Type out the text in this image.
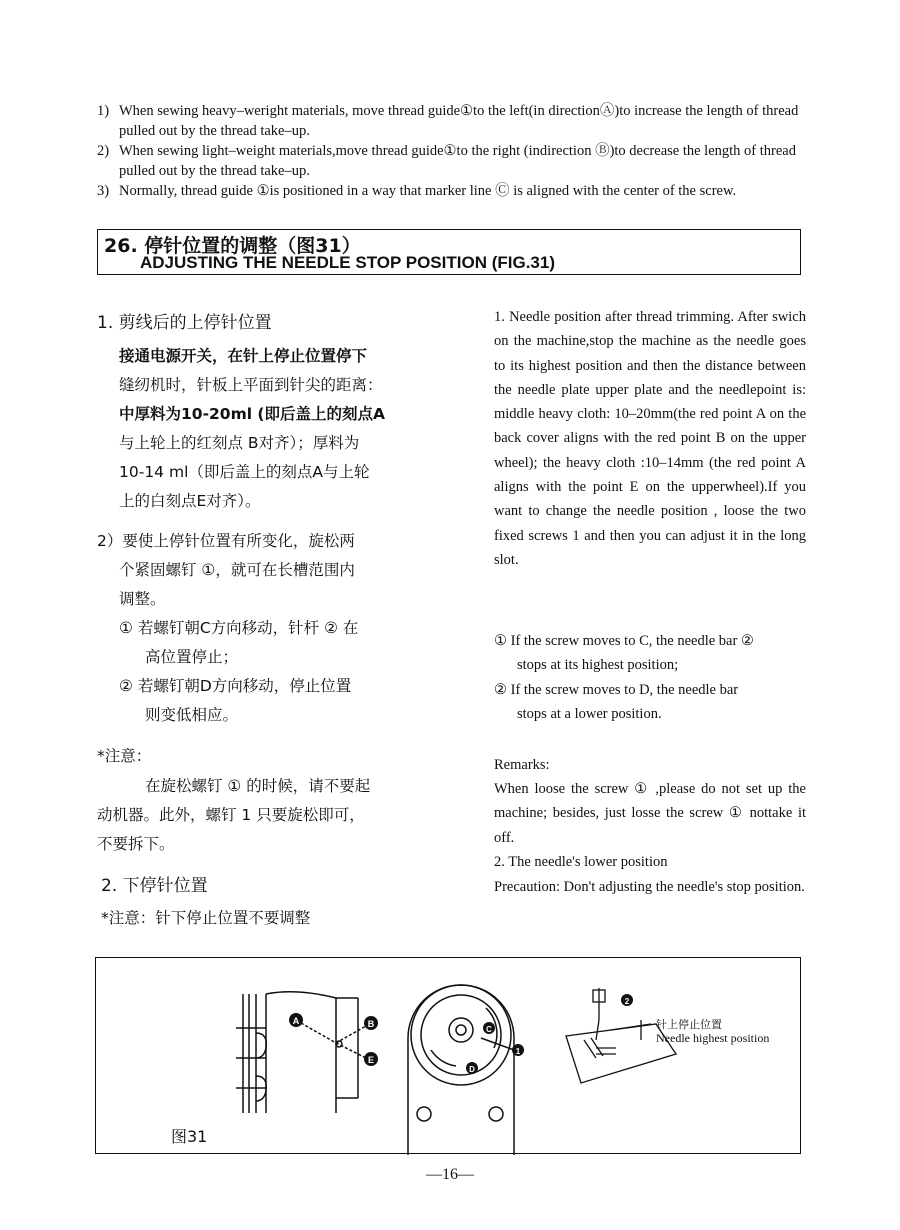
1) When sewing heavy–weright materials, move thread guide①to the left(in directionⒶ)to increase the length of thread pulled out by the thread take–up.
2) When sewing light–weight materials,move thread guide①to the right (indirection Ⓑ)to decrease the length of thread pulled out by the thread take–up.
3) Normally, thread guide ①is positioned in a way that marker line Ⓒ is aligned with the center of the screw.
26. 停针位置的调整（图31）
ADJUSTING THE NEEDLE STOP POSITION (FIG.31)
1. 剪线后的上停针位置
接通电源开关，在针上停止位置停下
缝纫机时，针板上平面到针尖的距离：
中厚料为10-20ml (即后盖上的刻点A
与上轮上的红刻点 B对齐）；厚料为
10-14 ml（即后盖上的刻点A与上轮
上的白刻点E对齐）。
2）要使上停针位置有所变化，旋松两
个紧固螺钉 ①，就可在长槽范围内
调整。
① 若螺钉朝C方向移动，针杆 ② 在
高位置停止；
② 若螺钉朝D方向移动，停止位置
则变低相应。
*注意：
在旋松螺钉 ① 的时候，请不要起
动机器。此外，螺钉 1 只要旋松即可，
不要拆下。
2. 下停针位置
*注意：针下停止位置不要调整

1. Needle position after thread trimming. After swich on the machine,stop the machine as the needle goes to its highest position and then the distance between the needle plate upper plate and the needlepoint is: middle heavy cloth: 10–20mm(the red point A on the back cover aligns with the red point B on the upper wheel); the heavy cloth :10–14mm (the red point A aligns with the point E on the upperwheel).If you want to change the needle position , loose the two fixed screws 1 and then you can adjust it in the long slot.

① If the screw moves to C, the needle bar ②
stops at its highest position;
② If the screw moves to D, the needle bar
stops at a lower position.
Remarks:
When loose the screw ① ,please do not set up the machine; besides, just losse the screw ① nottake it off.
2. The needle's lower position
Precaution: Don't adjusting the needle's stop position.
A	B
E
C
D
1
2
针上停止位置
Needle highest position
图31
—16—
